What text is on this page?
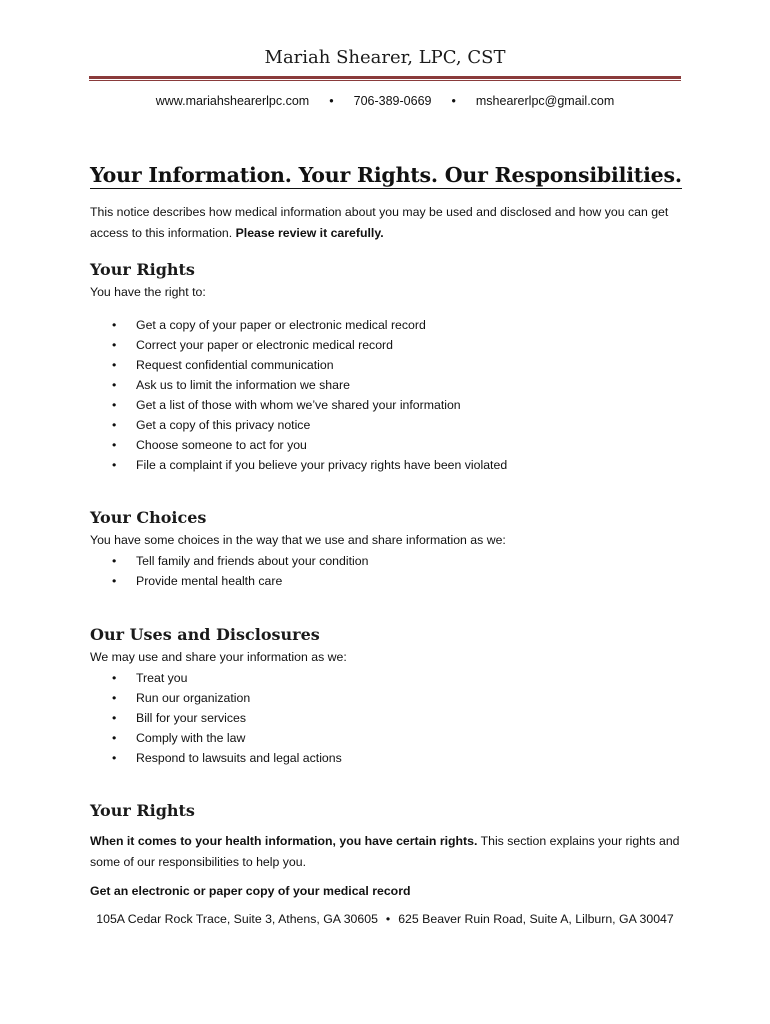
Mariah Shearer, LPC, CST
www.mariahshearerlpc.com • 706-389-0669 • mshearerlpc@gmail.com
Your Information. Your Rights. Our Responsibilities.
This notice describes how medical information about you may be used and disclosed and how you can get access to this information. Please review it carefully.
Your Rights
You have the right to:
• Get a copy of your paper or electronic medical record
• Correct your paper or electronic medical record
• Request confidential communication
• Ask us to limit the information we share
• Get a list of those with whom we’ve shared your information
• Get a copy of this privacy notice
• Choose someone to act for you
• File a complaint if you believe your privacy rights have been violated
Your Choices
You have some choices in the way that we use and share information as we:
• Tell family and friends about your condition
• Provide mental health care
Our Uses and Disclosures
We may use and share your information as we:
• Treat you
• Run our organization
• Bill for your services
• Comply with the law
• Respond to lawsuits and legal actions
Your Rights
When it comes to your health information, you have certain rights. This section explains your rights and some of our responsibilities to help you.
Get an electronic or paper copy of your medical record
105A Cedar Rock Trace, Suite 3, Athens, GA 30605 • 625 Beaver Ruin Road, Suite A, Lilburn, GA 30047
